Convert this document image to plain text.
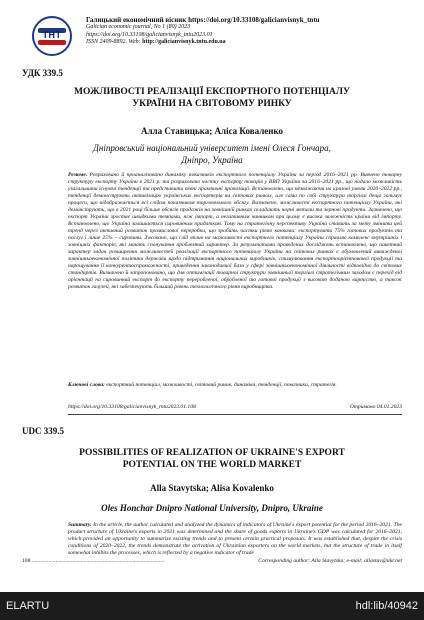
ТНТ
Галицький економічний вісник https://doi.org/10.33108/galicianvisnyk_tntu
Galician economic journal, No 1 (80) 2023
https://doi.org/10.33108/galicianvisnyk_tntu2023.01
ISSN 2409-8892. Web: http://galicianvisnyk.tntu.edu.ua
УДК 339.5
МОЖЛИВОСТІ РЕАЛІЗАЦІЇ ЕКСПОРТНОГО ПОТЕНЦІАЛУ
УКРАЇНИ НА СВІТОВОМУ РИНКУ
Алла Ставицька; Аліса Коваленко
Дніпровський національний університет імені Олеся Гончара,
Дніпро, Україна
Резюме. Розраховано й проаналізовано динаміку показників експортного потенціалу України за період 2016–2021 рр. Вивчено товарну структуру експорту України в 2021 р. та розраховано частку експорту товарів у ВВП України за 2016–2021 рр., що надало можливість узагальнити існуючі тенденції та представити певні практичні пропозиції. Встановлено, що незважаючи на кризові умови 2020–2022 рр., тенденції демонструють активізацію українських експортерів на світових ринках, але сама по собі структура торгівлі дещо гальмує процеси, що відображається всі слідом показником торговельного обсягу. Визначено, можливості експортного потенціалу України, які демонструють, що в 2021 році більше обсягів продажів на зовнішній ринках складають чорні метали та зернові продукти. Зазначено, що експорт України зростає швидкими темпами, ніж імпорт, а негативним чинником при цьому є висока залежність країни від імпорту. Встановлено, що Україна залишається сировинним придатком. Тому на стратегічну перспективу Україна ставить за мету змінити цей тренд через активний розвиток промислової переробки, що зробить частки рівно канками: експортувати 75% готових продуктів та послуг і лише 25% – сировини. З'ясовано, що слід вплив на можливості експортного потенціалу України справляє комплекс внутрішніх і зовнішніх факторів, які мають спонукання проблемний характер. За результатами проведених досліджень встановлено, що пакетний характер задач розширення можливостей реалізації експортного потенціалу України на світових ринках є обумовлений виважденої зовнішньоекономічної політики держави щодо підтримання національних виробників, стимулювання експортоорієнтованої продукції та нарощування її конкурентоспроможності, приведення законодавчої бази у сфері зовнішньоекономічної діяльності відповідно до світових стандартів. Визначено й запропоновано, що для оптимізації товарної структури зовнішньої торгівлі стратегічним заходом є перехід від орієнтації на сировинний експорт до експорту переробленої, обробленої та готової продукції з високою доданою вартістю, а також розвиток галузей, які забезпечують більший рівень технологічного рівня виробництва.
Ключові слова: експортний потенціал, можливості, світовий ринок, динаміка, тенденції, показники, стратегія.
https://doi.org/10.33108/galicianvisnyk_tntu2023.01.108	Отримано 04.01.2023
UDC 339.5
POSSIBILITIES OF REALIZATION OF UKRAINE'S EXPORT
POTENTIAL ON THE WORLD MARKET
Alla Stavytska; Alisa Kovalenko
Oles Honchar Dnipro National University, Dnipro, Ukraine
Summary. In the article, the author calculated and analyzed the dynamics of indicators of Ukraine's export potential for the period 2016–2021. The product structure of Ukraine's exports in 2021 was determined and the share of goods exports in Ukraine's GDP was calculated for 2016–2021, which provided an opportunity to summarize existing trends and to present certain practical proposals. It was established that, despite the crisis conditions of 2020–2022, the trends demonstrate the activation of Ukrainian exporters on the world markets, but the structure of trade in itself somewhat inhibits the processes, which is reflected by a negative indicator of trade
108 ...............................................................................................	Corresponding author: Alla Stavytska; e-mail: allastav@ukr.net
ELARTU	hdl:lib/40942
